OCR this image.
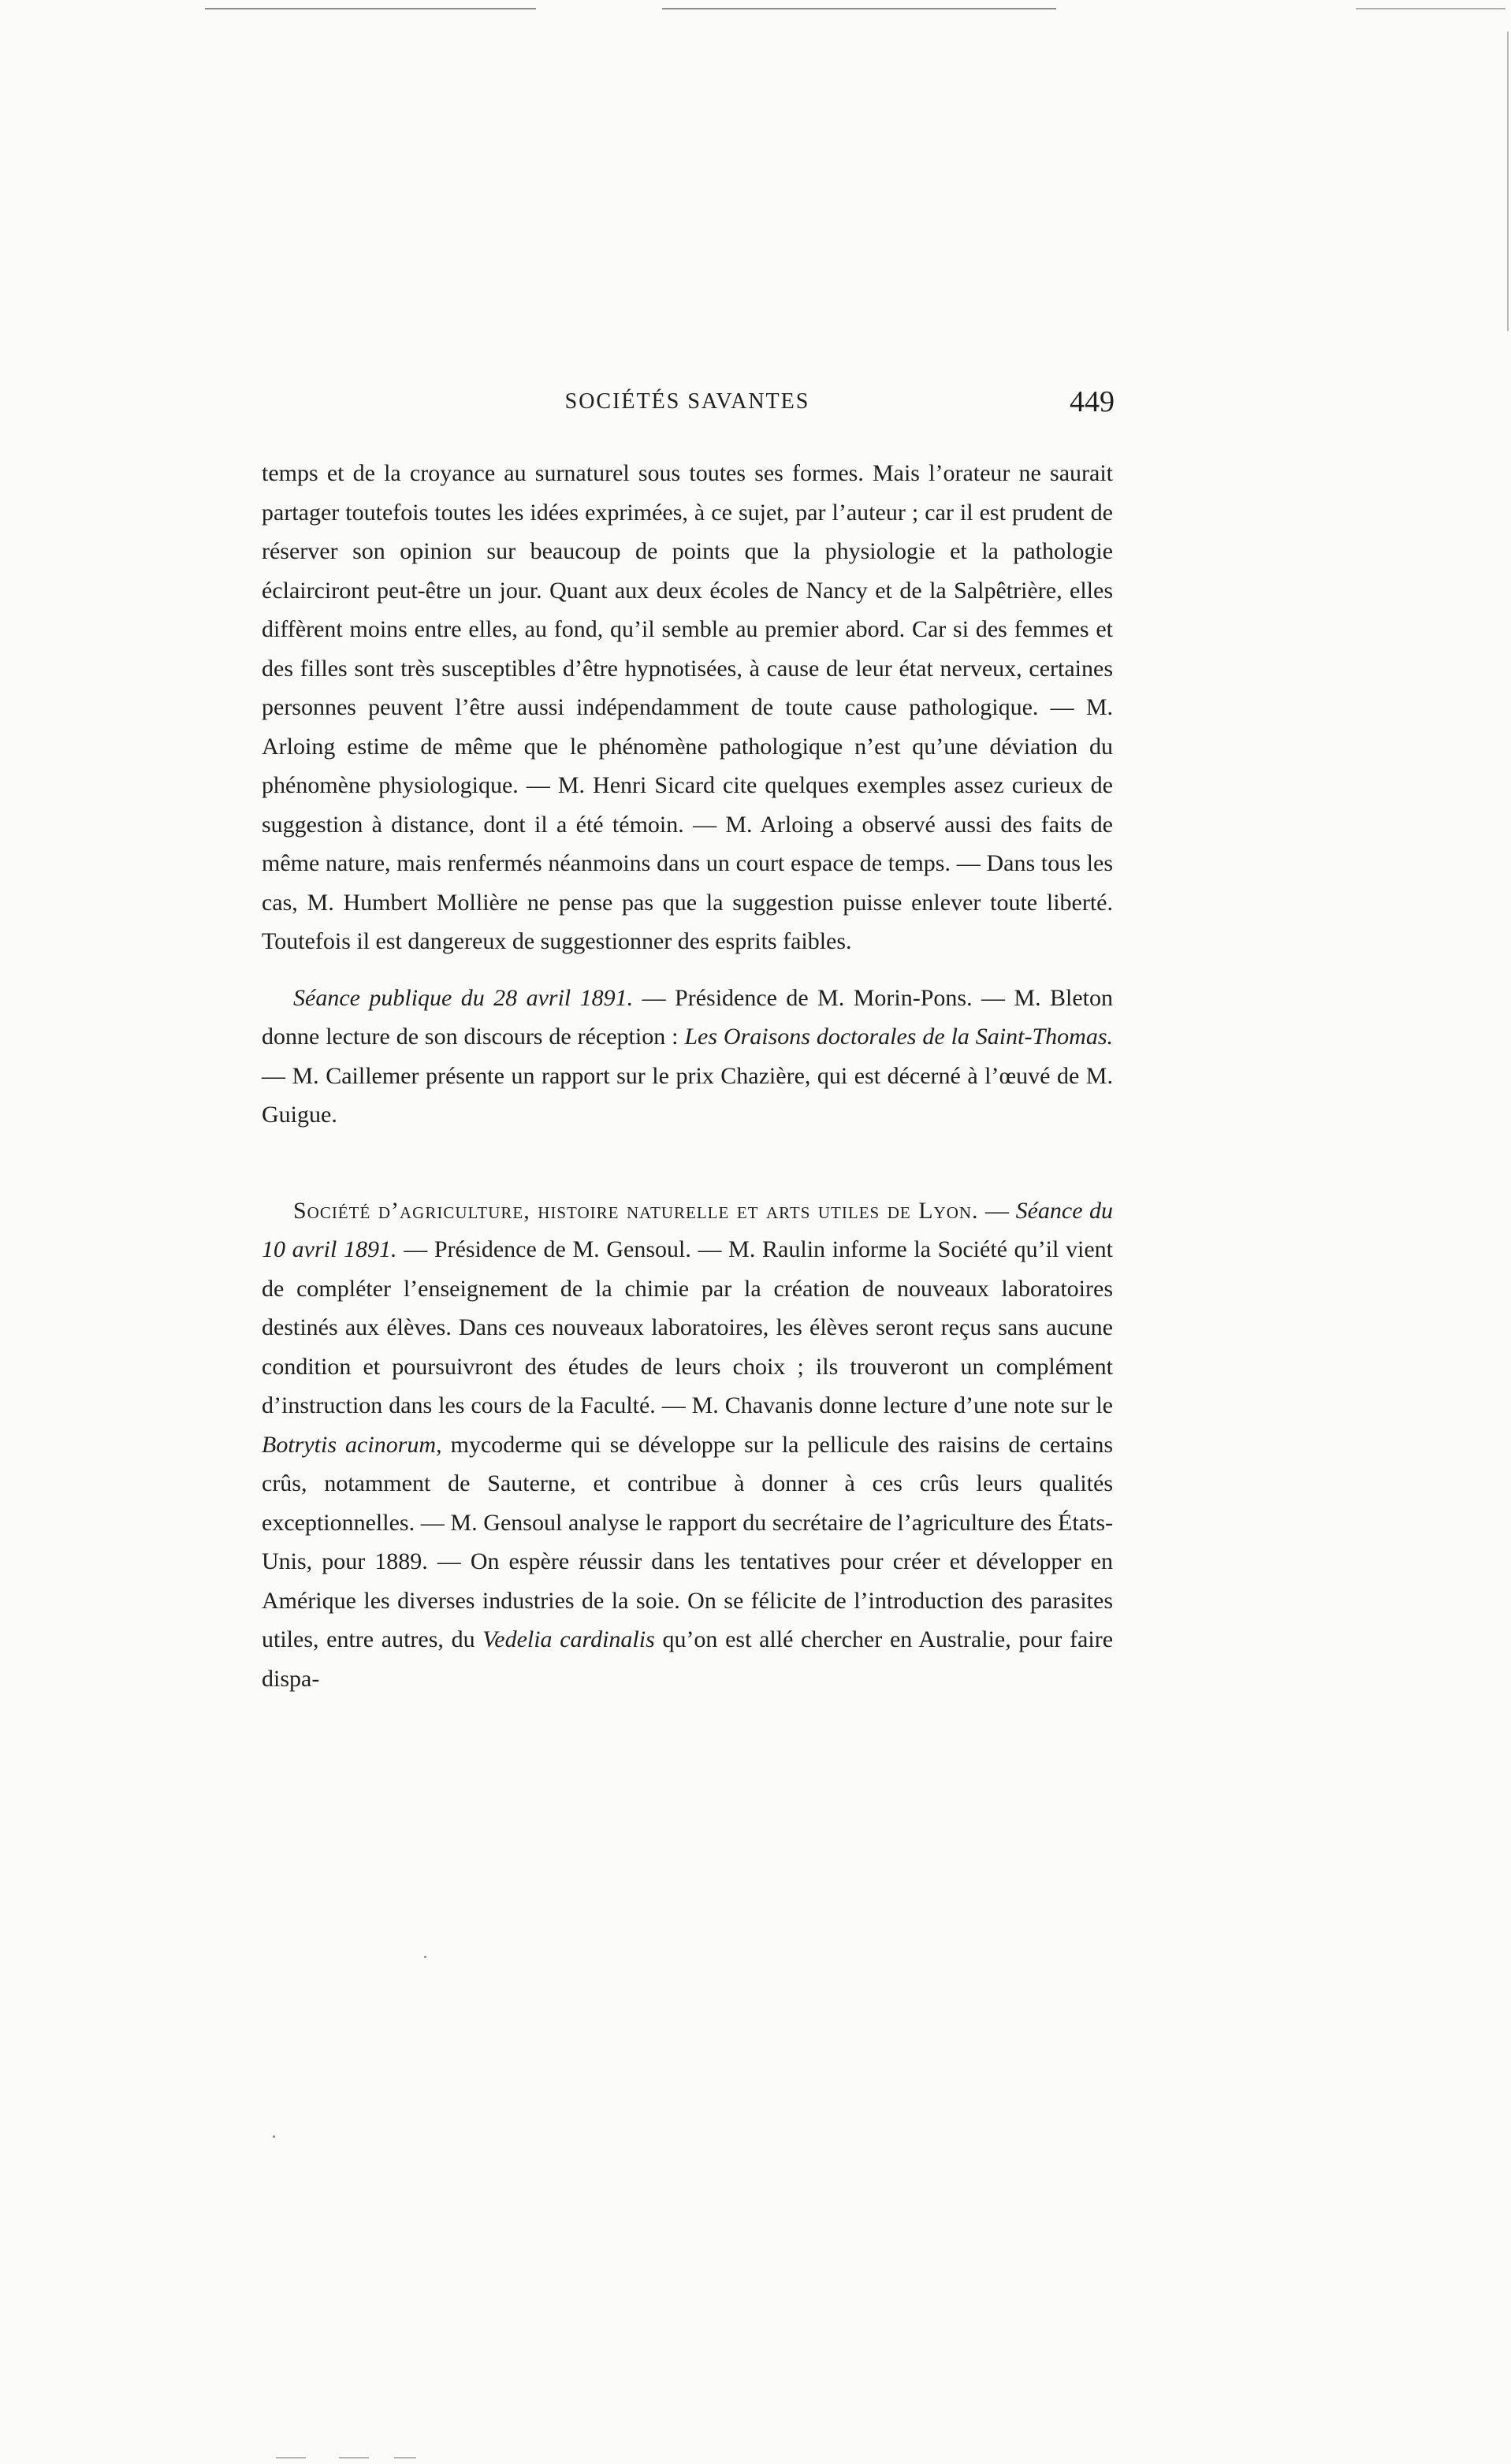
SOCIÉTÉS SAVANTES	449

temps et de la croyance au surnaturel sous toutes ses formes. Mais l’orateur ne saurait partager toutefois toutes les idées exprimées, à ce sujet, par l’auteur ; car il est prudent de réserver son opinion sur beaucoup de points que la physiologie et la pathologie éclairciront peut-être un jour. Quant aux deux écoles de Nancy et de la Salpêtrière, elles diffèrent moins entre elles, au fond, qu’il semble au premier abord. Car si des femmes et des filles sont très susceptibles d’être hypnotisées, à cause de leur état nerveux, certaines personnes peuvent l’être aussi indépendamment de toute cause pathologique. — M. Arloing estime de même que le phénomène pathologique n’est qu’une déviation du phénomène physiologique. — M. Henri Sicard cite quelques exemples assez curieux de suggestion à distance, dont il a été témoin. — M. Arloing a observé aussi des faits de même nature, mais renfermés néanmoins dans un court espace de temps. — Dans tous les cas, M. Humbert Mollière ne pense pas que la suggestion puisse enlever toute liberté. Toutefois il est dangereux de suggestionner des esprits faibles.

Séance publique du 28 avril 1891. — Présidence de M. Morin-Pons. — M. Bleton donne lecture de son discours de réception : Les Oraisons doctorales de la Saint-Thomas. — M. Caillemer présente un rapport sur le prix Chazière, qui est décerné à l’œuvé de M. Guigue.

Société d’agriculture, histoire naturelle et arts utiles de Lyon. — Séance du 10 avril 1891. — Présidence de M. Gensoul. — M. Raulin informe la Société qu’il vient de compléter l’enseignement de la chimie par la création de nouveaux laboratoires destinés aux élèves. Dans ces nouveaux laboratoires, les élèves seront reçus sans aucune condition et poursuivront des études de leurs choix ; ils trouveront un complément d’instruction dans les cours de la Faculté. — M. Chavanis donne lecture d’une note sur le Botrytis acinorum, mycoderme qui se développe sur la pellicule des raisins de certains crûs, notamment de Sauterne, et contribue à donner à ces crûs leurs qualités exceptionnelles. — M. Gensoul analyse le rapport du secrétaire de l’agriculture des États-Unis, pour 1889. — On espère réussir dans les tentatives pour créer et développer en Amérique les diverses industries de la soie. On se félicite de l’introduction des parasites utiles, entre autres, du Vedelia cardinalis qu’on est allé chercher en Australie, pour faire dispa-
